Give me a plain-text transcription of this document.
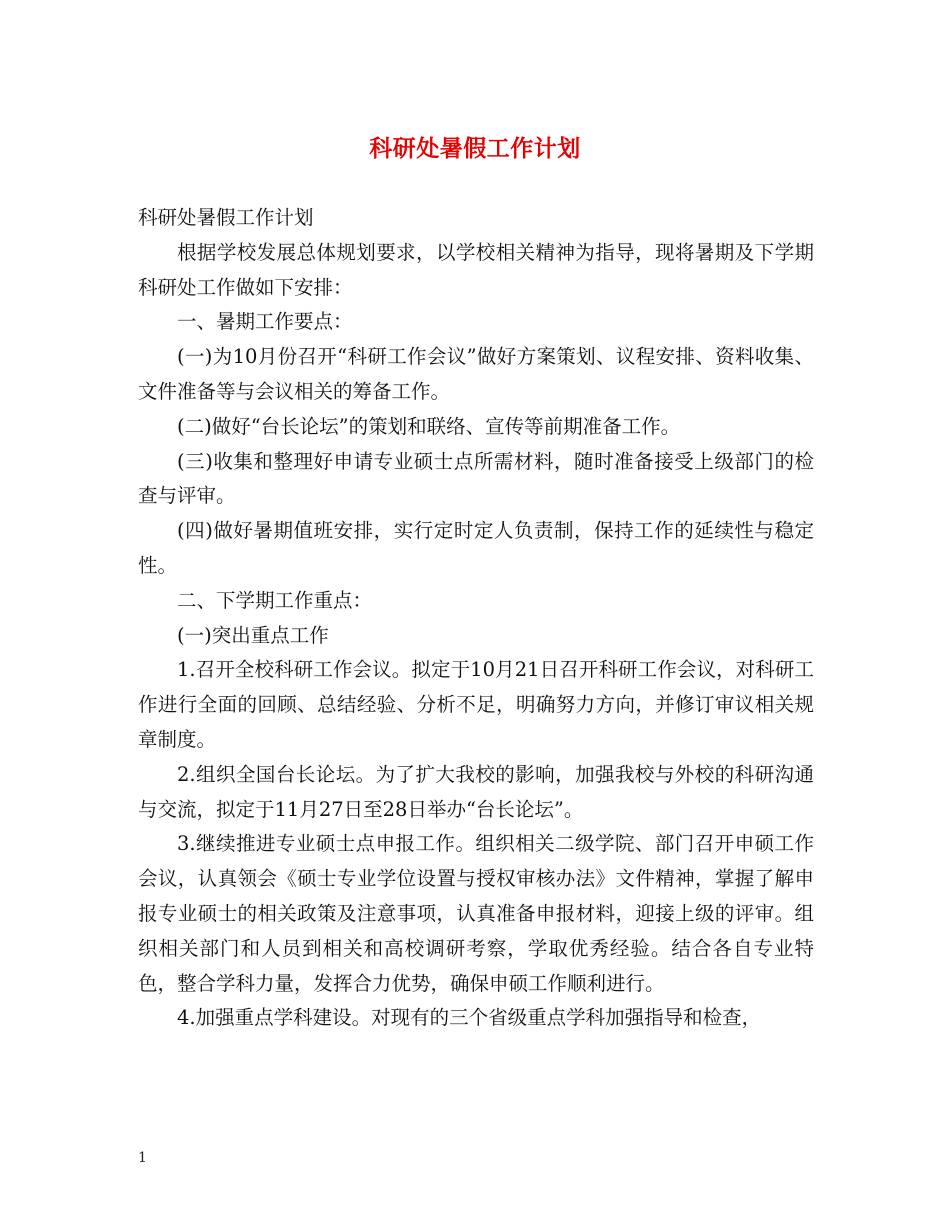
科研处暑假工作计划

科研处暑假工作计划

根据学校发展总体规划要求，以学校相关精神为指导，现将暑期及下学期科研处工作做如下安排：

一、暑期工作要点：

(一)为10月份召开“科研工作会议”做好方案策划、议程安排、资料收集、文件准备等与会议相关的筹备工作。

(二)做好“台长论坛”的策划和联络、宣传等前期准备工作。

(三)收集和整理好申请专业硕士点所需材料，随时准备接受上级部门的检查与评审。

(四)做好暑期值班安排，实行定时定人负责制，保持工作的延续性与稳定性。

二、下学期工作重点：

(一)突出重点工作

1.召开全校科研工作会议。拟定于10月21日召开科研工作会议，对科研工作进行全面的回顾、总结经验、分析不足，明确努力方向，并修订审议相关规章制度。

2.组织全国台长论坛。为了扩大我校的影响，加强我校与外校的科研沟通与交流，拟定于11月27日至28日举办“台长论坛”。

3.继续推进专业硕士点申报工作。组织相关二级学院、部门召开申硕工作会议，认真领会《硕士专业学位设置与授权审核办法》文件精神，掌握了解申报专业硕士的相关政策及注意事项，认真准备申报材料，迎接上级的评审。组织相关部门和人员到相关和高校调研考察，学取优秀经验。结合各自专业特色，整合学科力量，发挥合力优势，确保申硕工作顺利进行。

4.加强重点学科建设。对现有的三个省级重点学科加强指导和检查，

1
